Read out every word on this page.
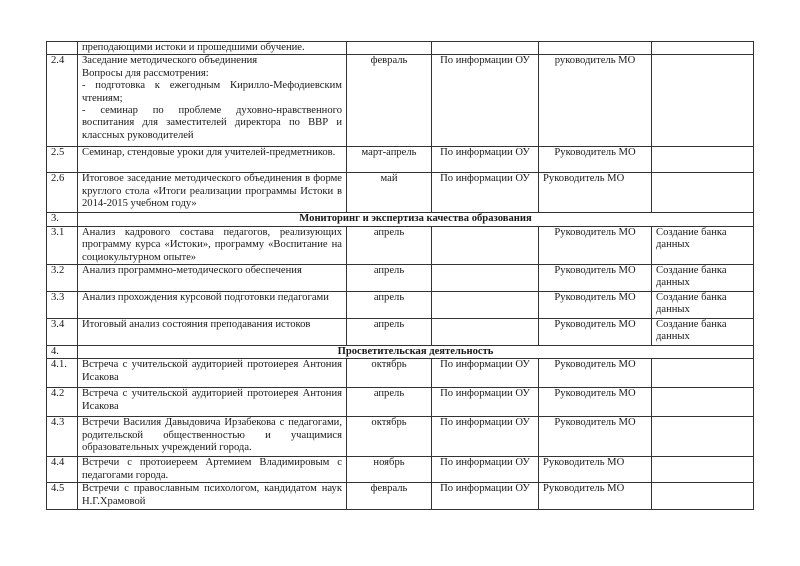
	преподающими истоки и прошедшими обучение.				

2.4	Заседание методического объединения
Вопросы для рассмотрения:
- подготовка к ежегодным Кирилло-Мефодиевским чтениям;
- семинар по проблеме духовно-нравственного воспитания для заместителей директора по ВВР и классных руководителей	февраль	По информации ОУ	руководитель МО	
2.5	Семинар, стендовые уроки для учителей-предметников.	март-апрель	По информации ОУ	Руководитель МО	
2.6	Итоговое заседание методического объединения в форме круглого стола «Итоги реализации программы Истоки в 2014-2015 учебном году»	май	По информации ОУ	Руководитель МО	
3.	Мониторинг и экспертиза качества образования				
3.1	Анализ кадрового состава педагогов, реализующих программу курса «Истоки», программу «Воспитание на социокультурном опыте»	апрель		Руководитель МО	Создание банка данных
3.2	Анализ программно-методического обеспечения	апрель		Руководитель МО	Создание банка данных
3.3	Анализ прохождения курсовой подготовки педагогами	апрель		Руководитель МО	Создание банка данных
3.4	Итоговый анализ состояния преподавания истоков	апрель		Руководитель МО	Создание банка данных
4.	Просветительская деятельность				
4.1.	Встреча с учительской аудиторией протоиерея Антония Исакова	октябрь	По информации ОУ	Руководитель МО	
4.2	Встреча с учительской аудиторией протоиерея Антония Исакова	апрель	По информации ОУ	Руководитель МО	
4.3	Встречи Василия Давыдовича Ирзабекова с педагогами, родительской общественностью и учащимися образовательных учреждений города.	октябрь	По информации ОУ	Руководитель МО	
4.4	Встречи с протоиереем Артемием Владимировым с педагогами города.	ноябрь	По информации ОУ	Руководитель МО	
4.5	Встречи с православным психологом, кандидатом наук Н.Г.Храмовой	февраль	По информации ОУ	Руководитель МО	
